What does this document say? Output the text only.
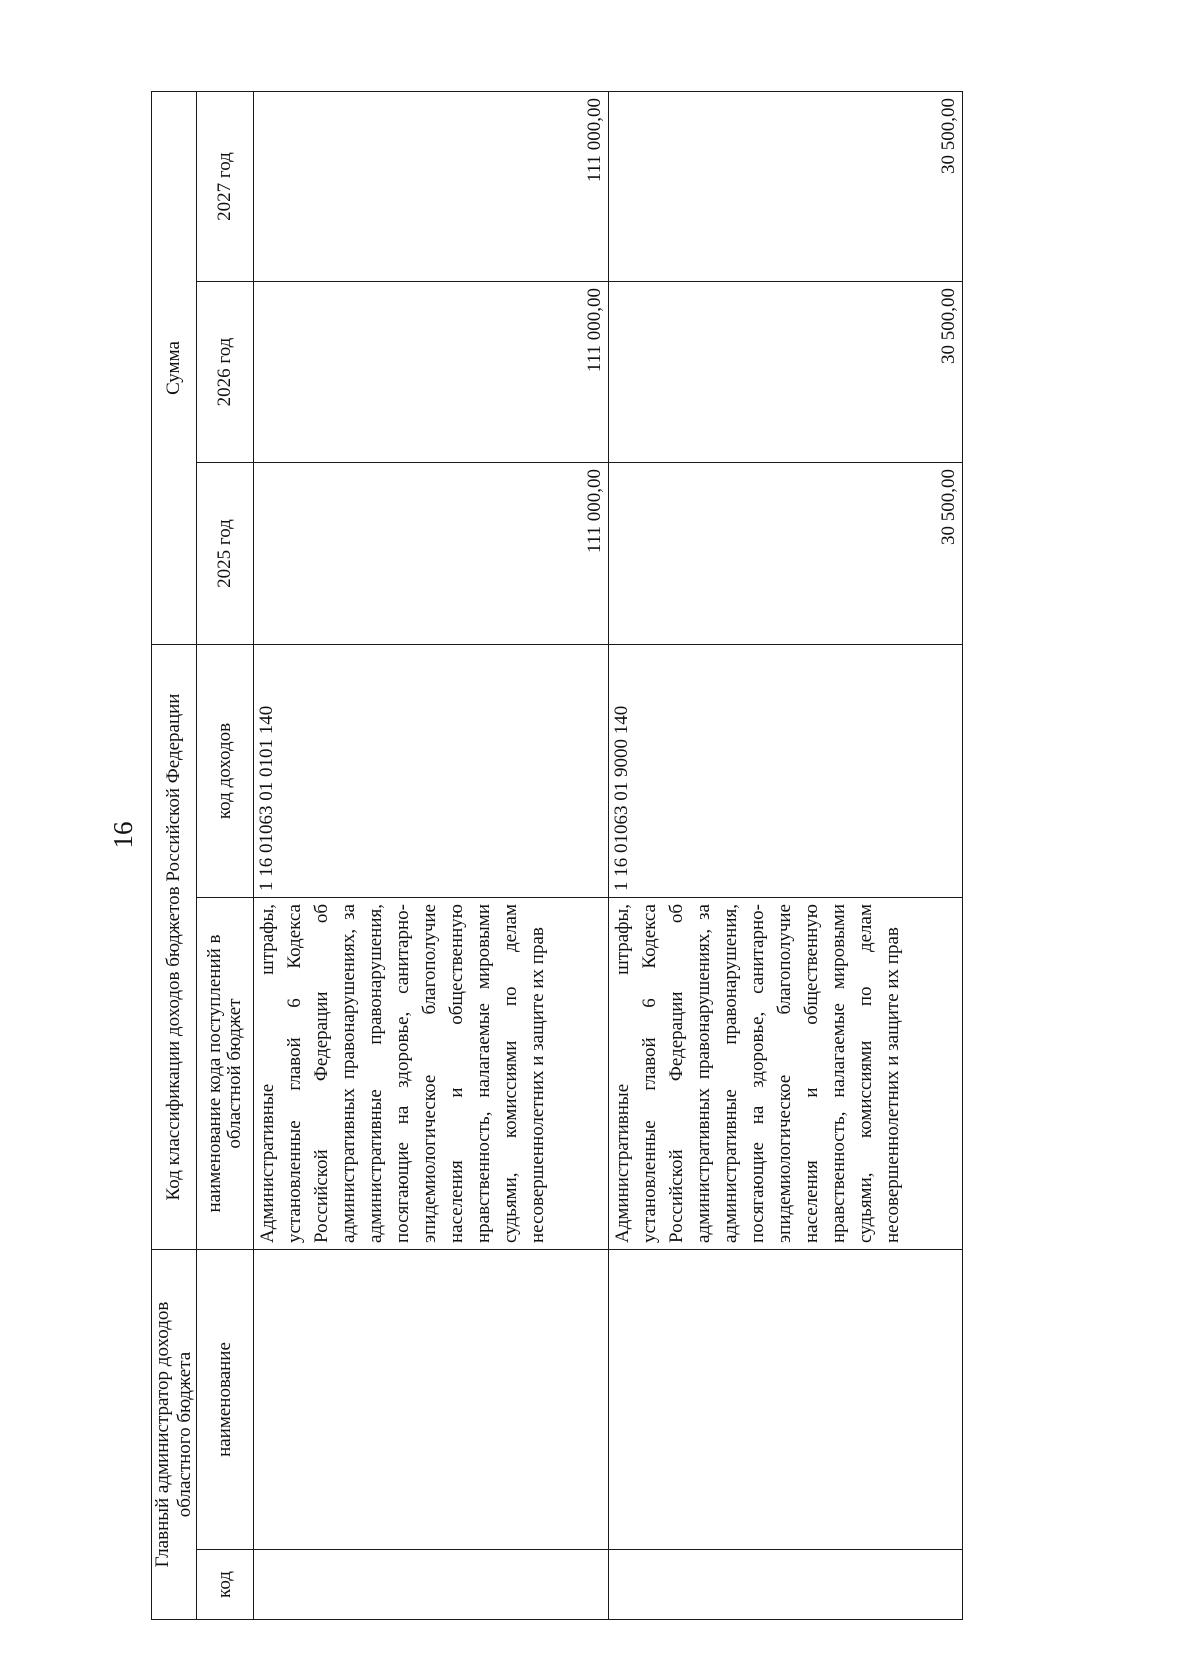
16
Главный администратор доходов областного бюджета		Код классификации доходов бюджетов Российской Федерации		Сумма		
код	наименование	наименование кода поступлений в областной бюджет	код доходов	2025 год	2026 год	2027 год
		Административные штрафы, установленные главой 6 Кодекса Российской Федерации об административных правонарушениях, за административные правонарушения, посягающие на здоровье, санитарно-эпидемиологическое благополучие населения и общественную нравственность, налагаемые мировыми судьями, комиссиями по делам несовершеннолетних и защите их прав	1 16 01063 01 0101 140	111 000,00	111 000,00	111 000,00
		Административные штрафы, установленные главой 6 Кодекса Российской Федерации об административных правонарушениях, за административные правонарушения, посягающие на здоровье, санитарно-эпидемиологическое благополучие населения и общественную нравственность, налагаемые мировыми судьями, комиссиями по делам несовершеннолетних и защите их прав	1 16 01063 01 9000 140	30 500,00	30 500,00	30 500,00
